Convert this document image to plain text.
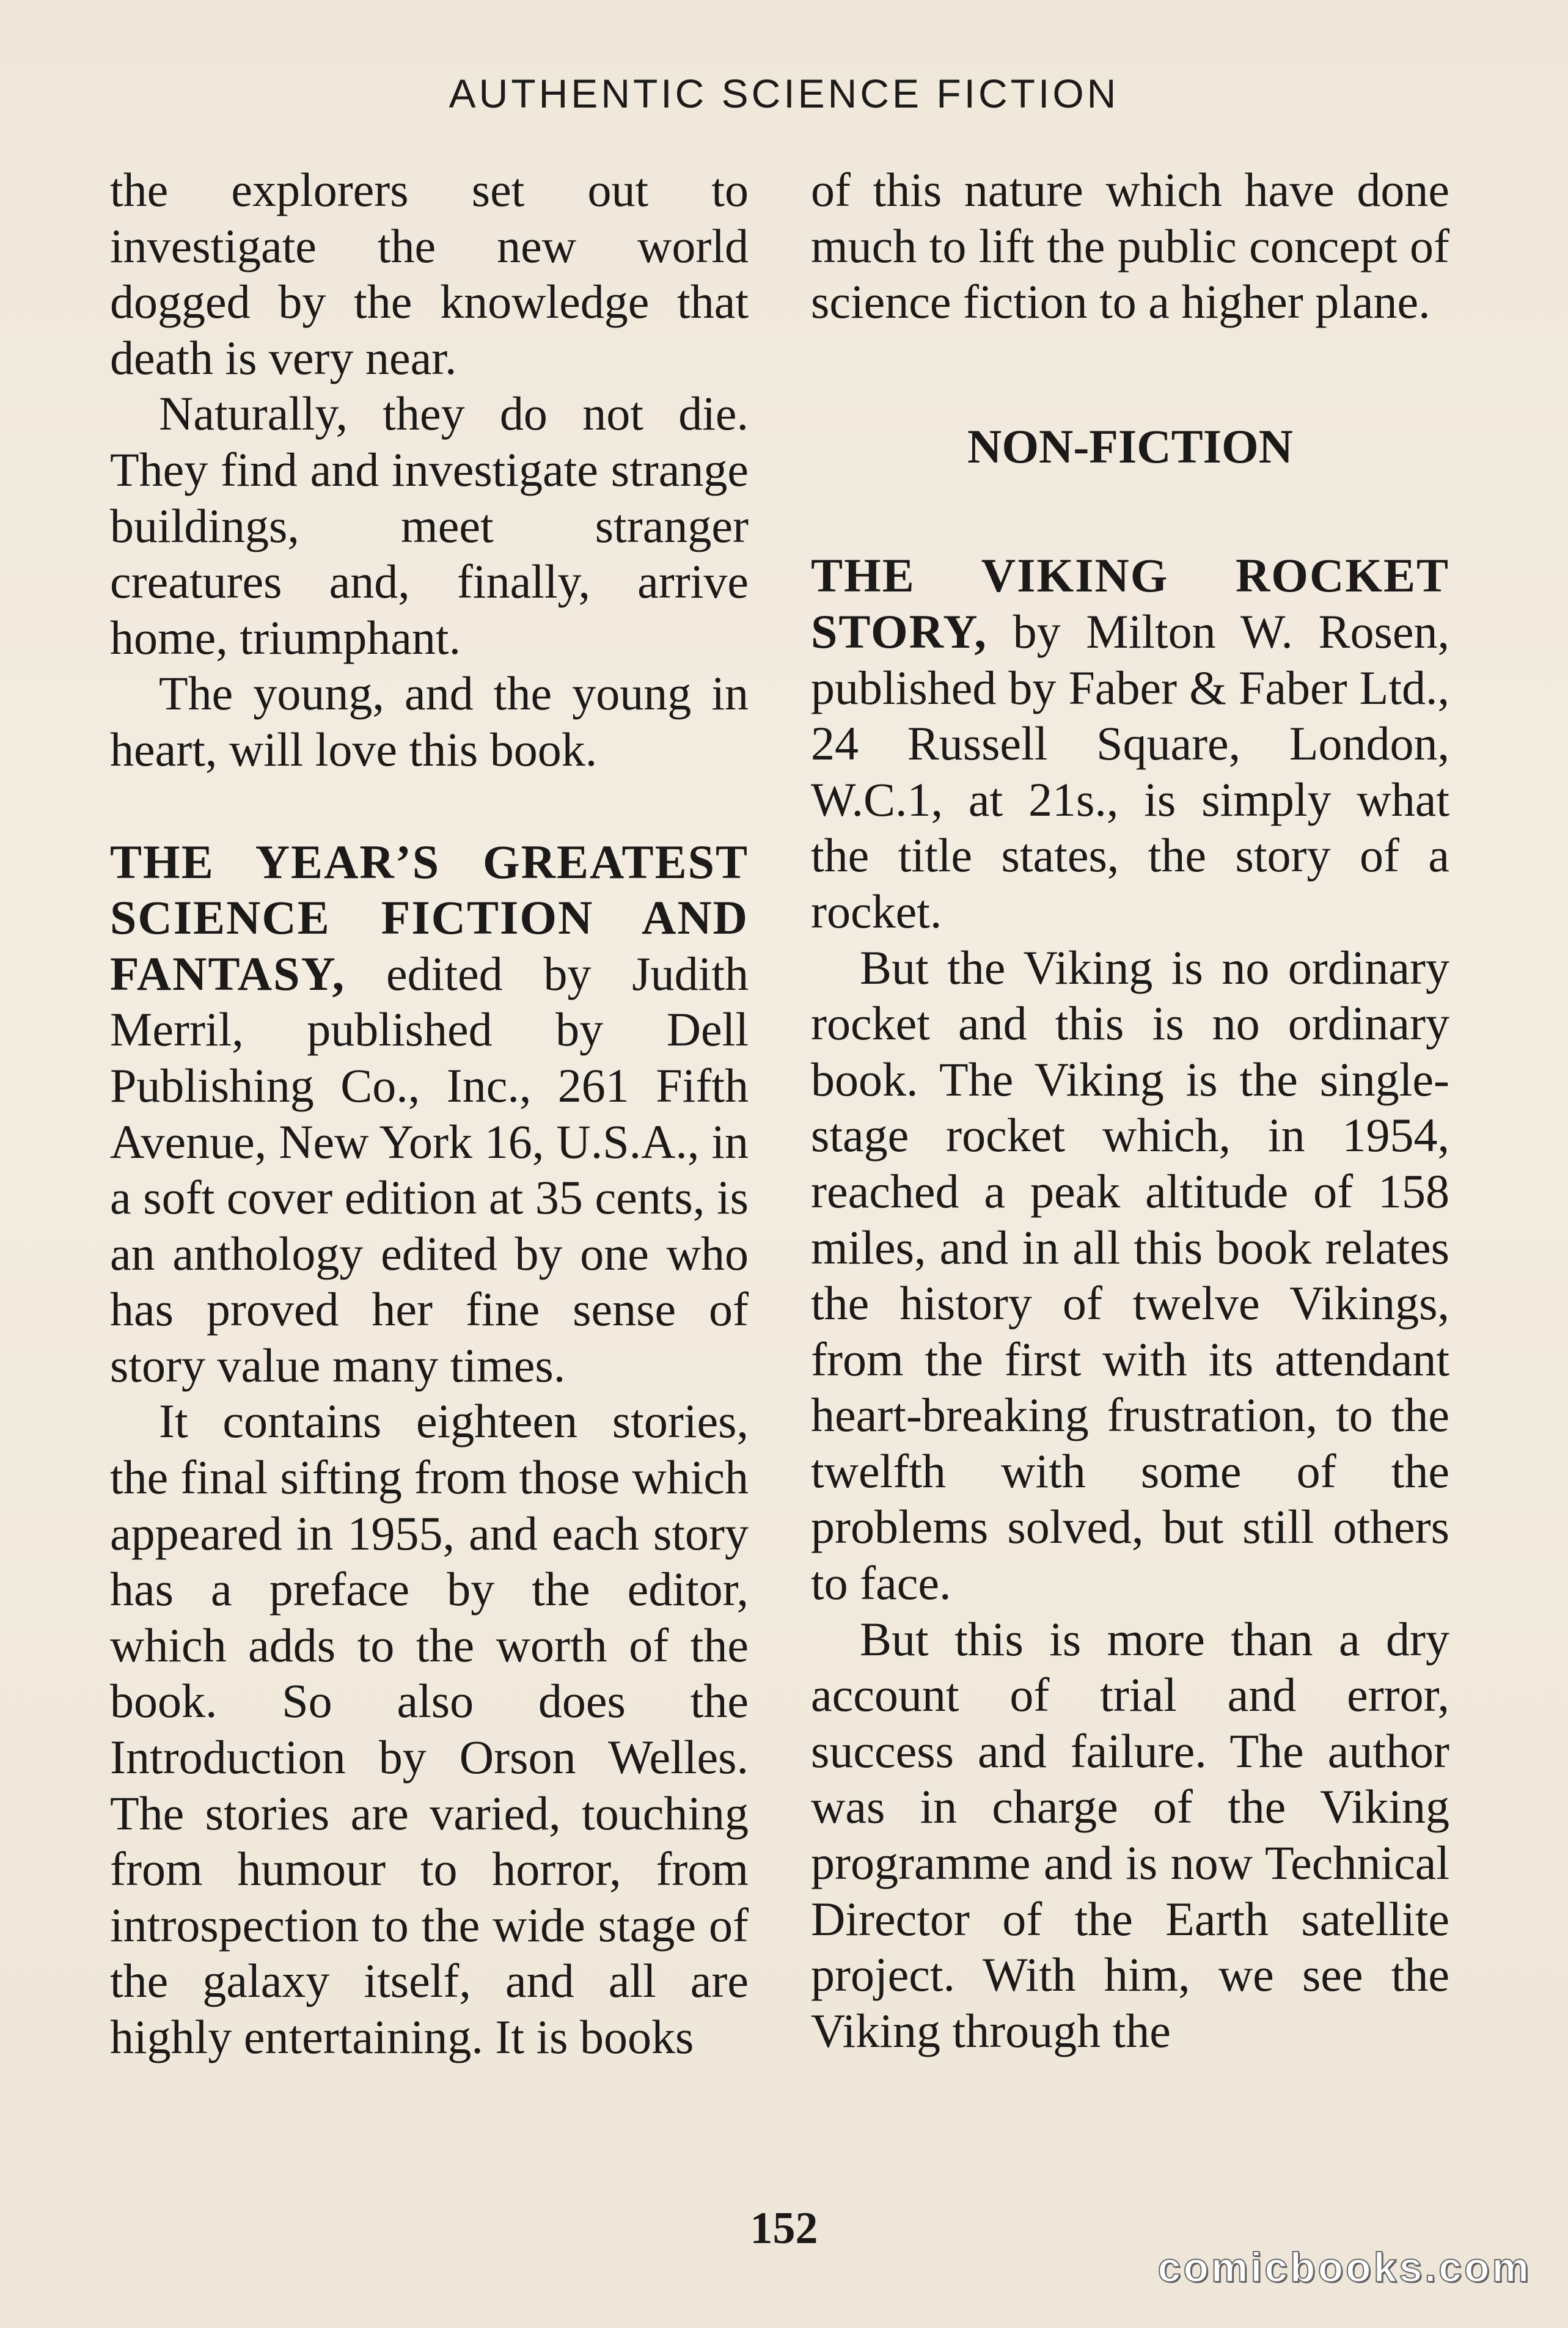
AUTHENTIC SCIENCE FICTION

the explorers set out to investigate the new world dogged by the knowledge that death is very near.

Naturally, they do not die. They find and investigate strange buildings, meet stranger creatures and, finally, arrive home, triumphant.

The young, and the young in heart, will love this book.

THE YEAR’S GREATEST SCIENCE FICTION AND FANTASY, edited by Judith Merril, published by Dell Publishing Co., Inc., 261 Fifth Avenue, New York 16, U.S.A., in a soft cover edition at 35 cents, is an anthology edited by one who has proved her fine sense of story value many times.

It contains eighteen stories, the final sifting from those which appeared in 1955, and each story has a preface by the editor, which adds to the worth of the book. So also does the Introduction by Orson Welles. The stories are varied, touching from humour to horror, from introspection to the wide stage of the galaxy itself, and all are highly entertaining. It is books

of this nature which have done much to lift the public concept of science fiction to a higher plane.

NON-FICTION

THE VIKING ROCKET STORY, by Milton W. Rosen, published by Faber & Faber Ltd., 24 Russell Square, London, W.C.1, at 21s., is simply what the title states, the story of a rocket.

But the Viking is no ordinary rocket and this is no ordinary book. The Viking is the single-stage rocket which, in 1954, reached a peak altitude of 158 miles, and in all this book relates the history of twelve Vikings, from the first with its attendant heart-breaking frustration, to the twelfth with some of the problems solved, but still others to face.

But this is more than a dry account of trial and error, success and failure. The author was in charge of the Viking programme and is now Technical Director of the Earth satellite project. With him, we see the Viking through the

152
comicbooks.com
